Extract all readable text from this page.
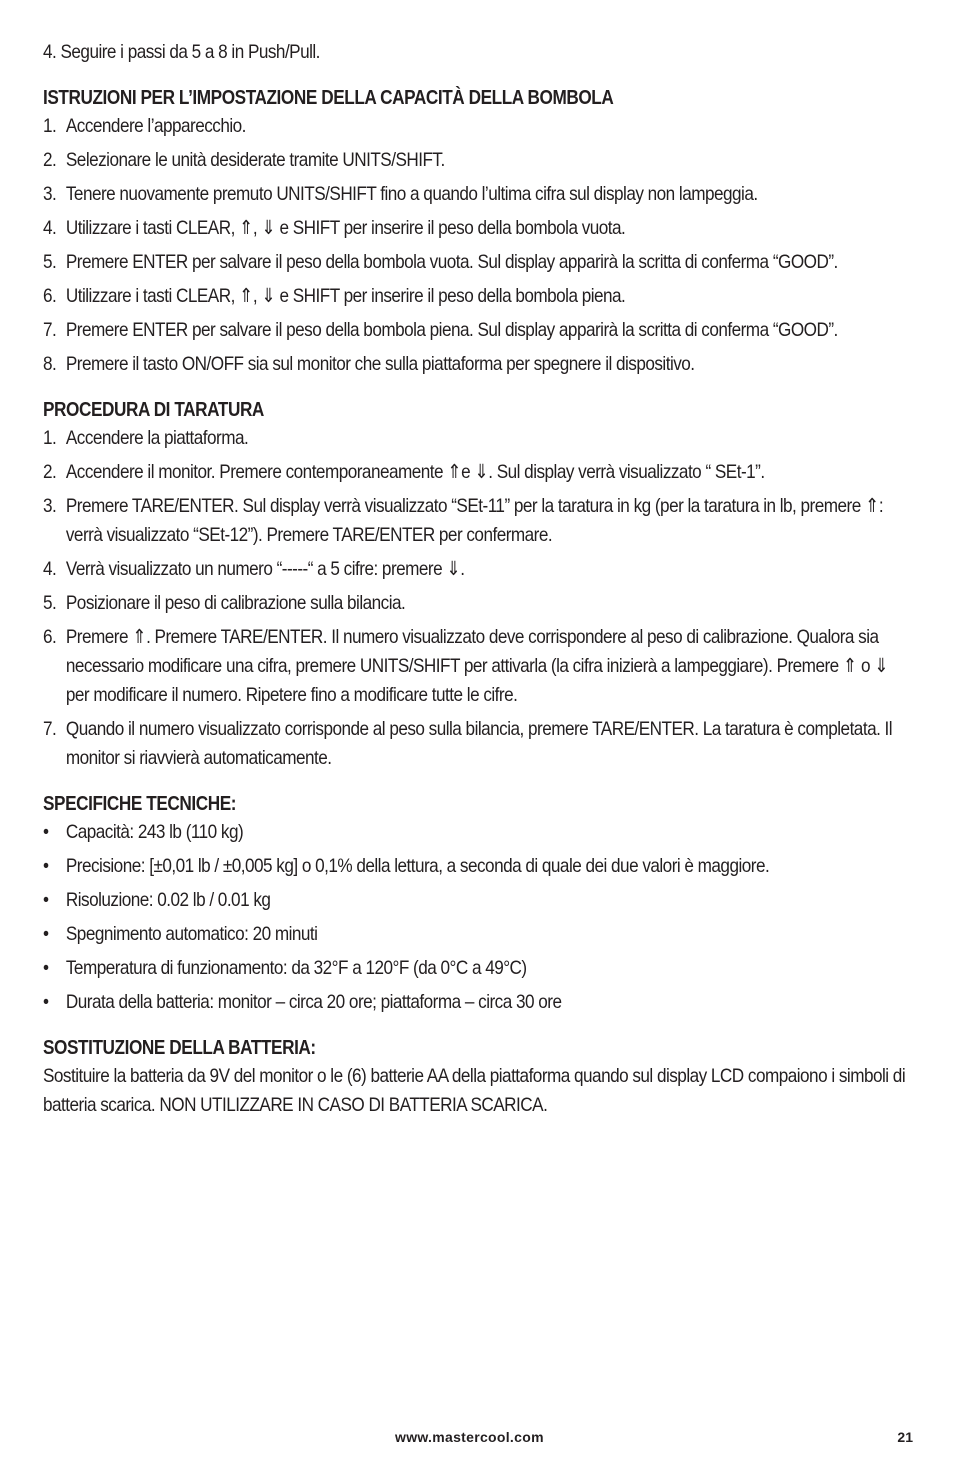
4. Seguire i passi da 5 a 8 in Push/Pull.

ISTRUZIONI PER L’IMPOSTAZIONE DELLA CAPACITÀ DELLA BOMBOLA
1. Accendere l’apparecchio.
2. Selezionare le unità desiderate tramite UNITS/SHIFT.
3. Tenere nuovamente premuto UNITS/SHIFT fino a quando l’ultima cifra sul display non lampeggia.
4. Utilizzare i tasti CLEAR, ⇑, ⇓ e SHIFT per inserire il peso della bombola vuota.
5. Premere ENTER per salvare il peso della bombola vuota. Sul display apparirà la scritta di conferma “GOOD”.
6. Utilizzare i tasti CLEAR, ⇑, ⇓ e SHIFT per inserire il peso della bombola piena.
7. Premere ENTER per salvare il peso della bombola piena. Sul display apparirà la scritta di conferma “GOOD”.
8. Premere il tasto ON/OFF sia sul monitor che sulla piattaforma per spegnere il dispositivo.
PROCEDURA DI TARATURA
1. Accendere la piattaforma.
2. Accendere il monitor. Premere contemporaneamente ⇑e ⇓. Sul display verrà visualizzato “ SEt-1”.
3. Premere TARE/ENTER. Sul display verrà visualizzato “SEt-11” per la taratura in kg (per la taratura in lb, premere ⇑: verrà visualizzato “SEt-12”). Premere TARE/ENTER per confermare.
4. Verrà visualizzato un numero “-----“ a 5 cifre: premere ⇓.
5. Posizionare il peso di calibrazione sulla bilancia.
6. Premere ⇑. Premere TARE/ENTER. Il numero visualizzato deve corrispondere al peso di calibrazione. Qualora sia necessario modificare una cifra, premere UNITS/SHIFT per attivarla (la cifra inizierà a lampeggiare). Premere ⇑ o ⇓ per modificare il numero. Ripetere fino a modificare tutte le cifre.
7. Quando il numero visualizzato corrisponde al peso sulla bilancia, premere TARE/ENTER. La taratura è completata. Il monitor si riavvierà automaticamente.
SPECIFICHE TECNICHE:
• Capacità: 243 lb (110 kg)
• Precisione: [±0,01 lb / ±0,005 kg] o 0,1% della lettura, a seconda di quale dei due valori è maggiore.
• Risoluzione: 0.02 lb / 0.01 kg
• Spegnimento automatico: 20 minuti
• Temperatura di funzionamento: da 32°F a 120°F (da 0°C a 49°C)
• Durata della batteria: monitor – circa 20 ore; piattaforma – circa 30 ore
SOSTITUZIONE DELLA BATTERIA:

Sostituire la batteria da 9V del monitor o le (6) batterie AA della piattaforma quando sul display LCD compaiono i simboli di batteria scarica. NON UTILIZZARE IN CASO DI BATTERIA SCARICA.

www.mastercool.com	21
